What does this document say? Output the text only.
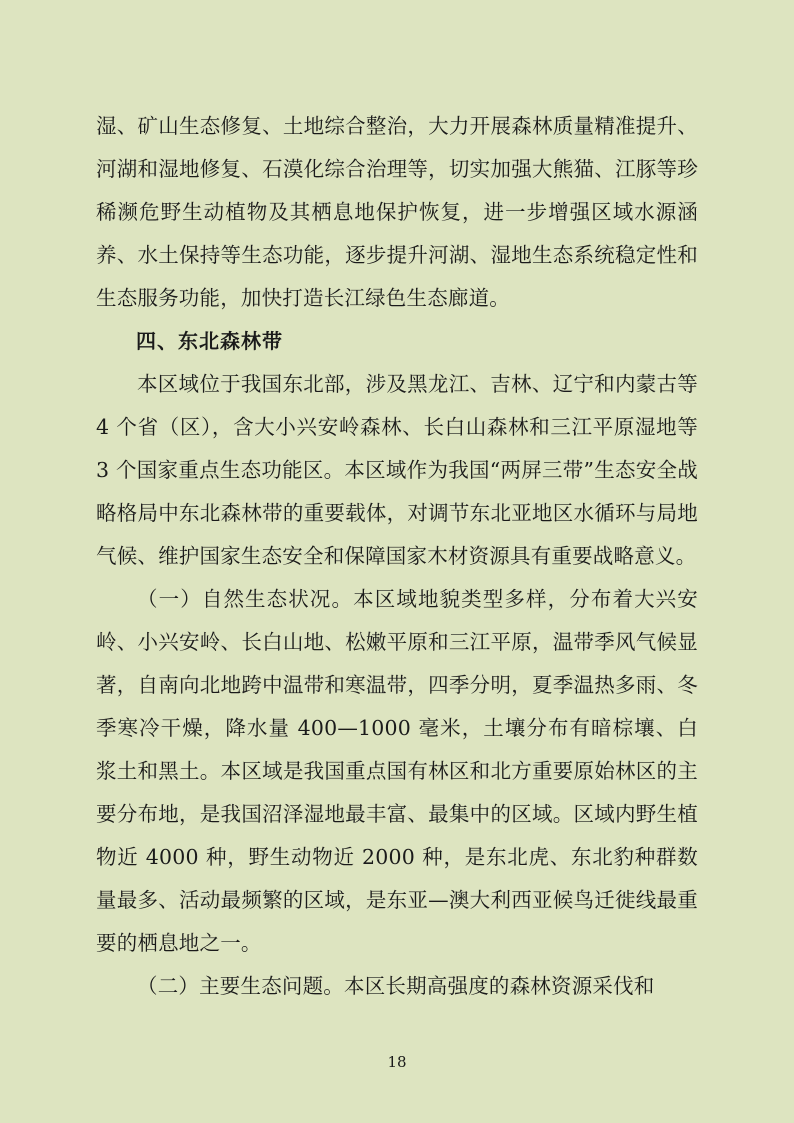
湿、矿山生态修复、土地综合整治，大力开展森林质量精准提升、河湖和湿地修复、石漠化综合治理等，切实加强大熊猫、江豚等珍稀濒危野生动植物及其栖息地保护恢复，进一步增强区域水源涵养、水土保持等生态功能，逐步提升河湖、湿地生态系统稳定性和生态服务功能，加快打造长江绿色生态廊道。

四、东北森林带

本区域位于我国东北部，涉及黑龙江、吉林、辽宁和内蒙古等 4 个省（区），含大小兴安岭森林、长白山森林和三江平原湿地等 3 个国家重点生态功能区。本区域作为我国“两屏三带”生态安全战略格局中东北森林带的重要载体，对调节东北亚地区水循环与局地气候、维护国家生态安全和保障国家木材资源具有重要战略意义。

（一）自然生态状况。本区域地貌类型多样，分布着大兴安岭、小兴安岭、长白山地、松嫩平原和三江平原，温带季风气候显著，自南向北地跨中温带和寒温带，四季分明，夏季温热多雨、冬季寒冷干燥，降水量 400—1000 毫米，土壤分布有暗棕壤、白浆土和黑土。本区域是我国重点国有林区和北方重要原始林区的主要分布地，是我国沼泽湿地最丰富、最集中的区域。区域内野生植物近 4000 种，野生动物近 2000 种，是东北虎、东北豹种群数量最多、活动最频繁的区域，是东亚—澳大利西亚候鸟迁徙线最重要的栖息地之一。

（二）主要生态问题。本区长期高强度的森林资源采伐和

18
